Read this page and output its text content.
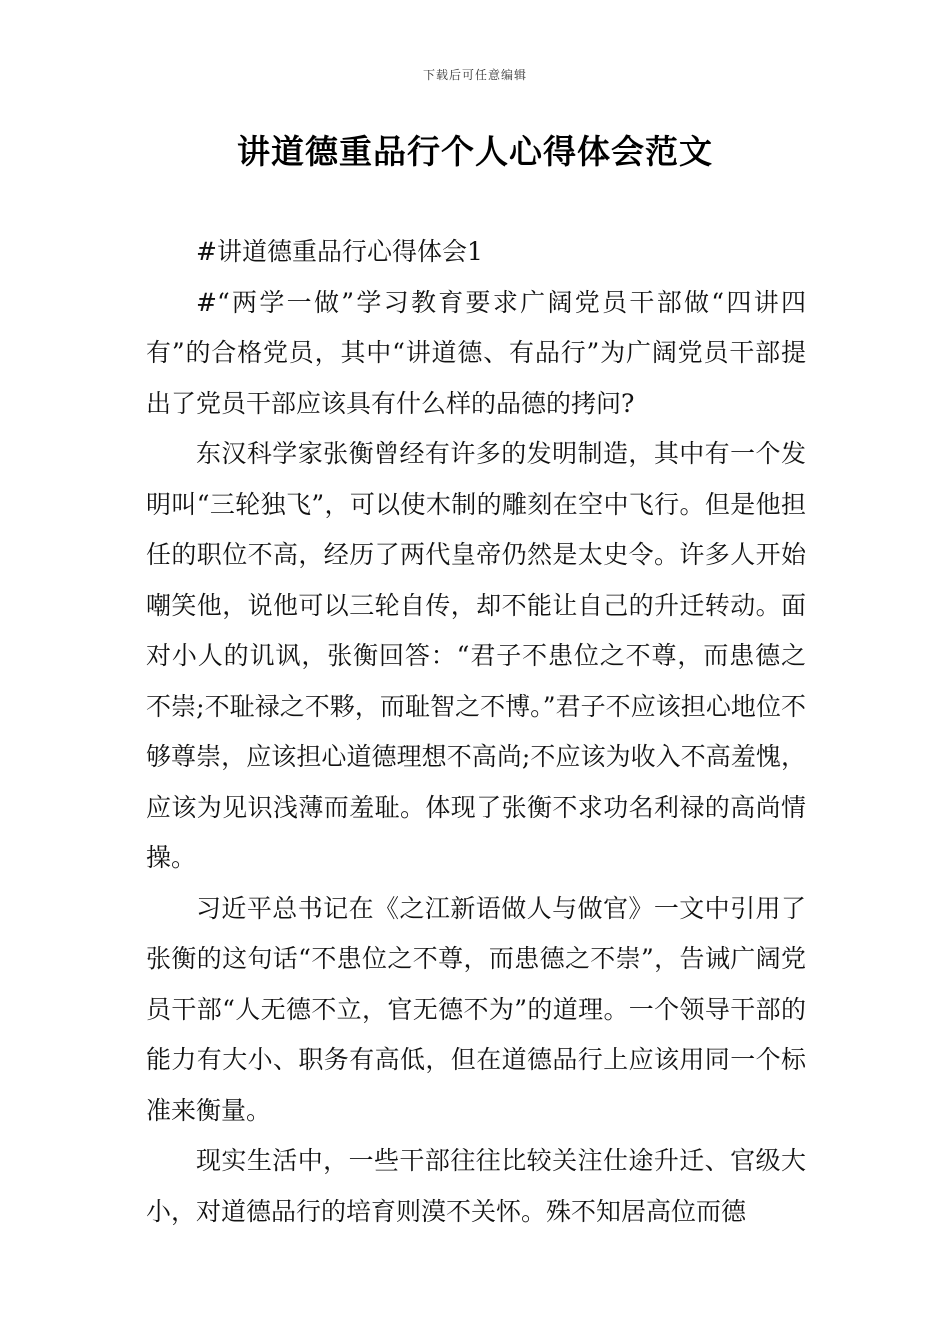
下载后可任意编辑
讲道德重品行个人心得体会范文

#讲道德重品行心得体会1

#“两学一做”学习教育要求广阔党员干部做“四讲四有”的合格党员，其中“讲道德、有品行”为广阔党员干部提出了党员干部应该具有什么样的品德的拷问?

东汉科学家张衡曾经有许多的发明制造，其中有一个发明叫“三轮独飞”，可以使木制的雕刻在空中飞行。但是他担任的职位不高，经历了两代皇帝仍然是太史令。许多人开始嘲笑他，说他可以三轮自传，却不能让自己的升迁转动。面对小人的讥讽，张衡回答：“君子不患位之不尊，而患德之不崇;不耻禄之不夥，而耻智之不博。”君子不应该担心地位不够尊崇，应该担心道德理想不高尚;不应该为收入不高羞愧，应该为见识浅薄而羞耻。体现了张衡不求功名利禄的高尚情操。

习近平总书记在《之江新语做人与做官》一文中引用了张衡的这句话“不患位之不尊，而患德之不崇”，告诫广阔党员干部“人无德不立，官无德不为”的道理。一个领导干部的能力有大小、职务有高低，但在道德品行上应该用同一个标准来衡量。

现实生活中，一些干部往往比较关注仕途升迁、官级大小，对道德品行的培育则漠不关怀。殊不知居高位而德
